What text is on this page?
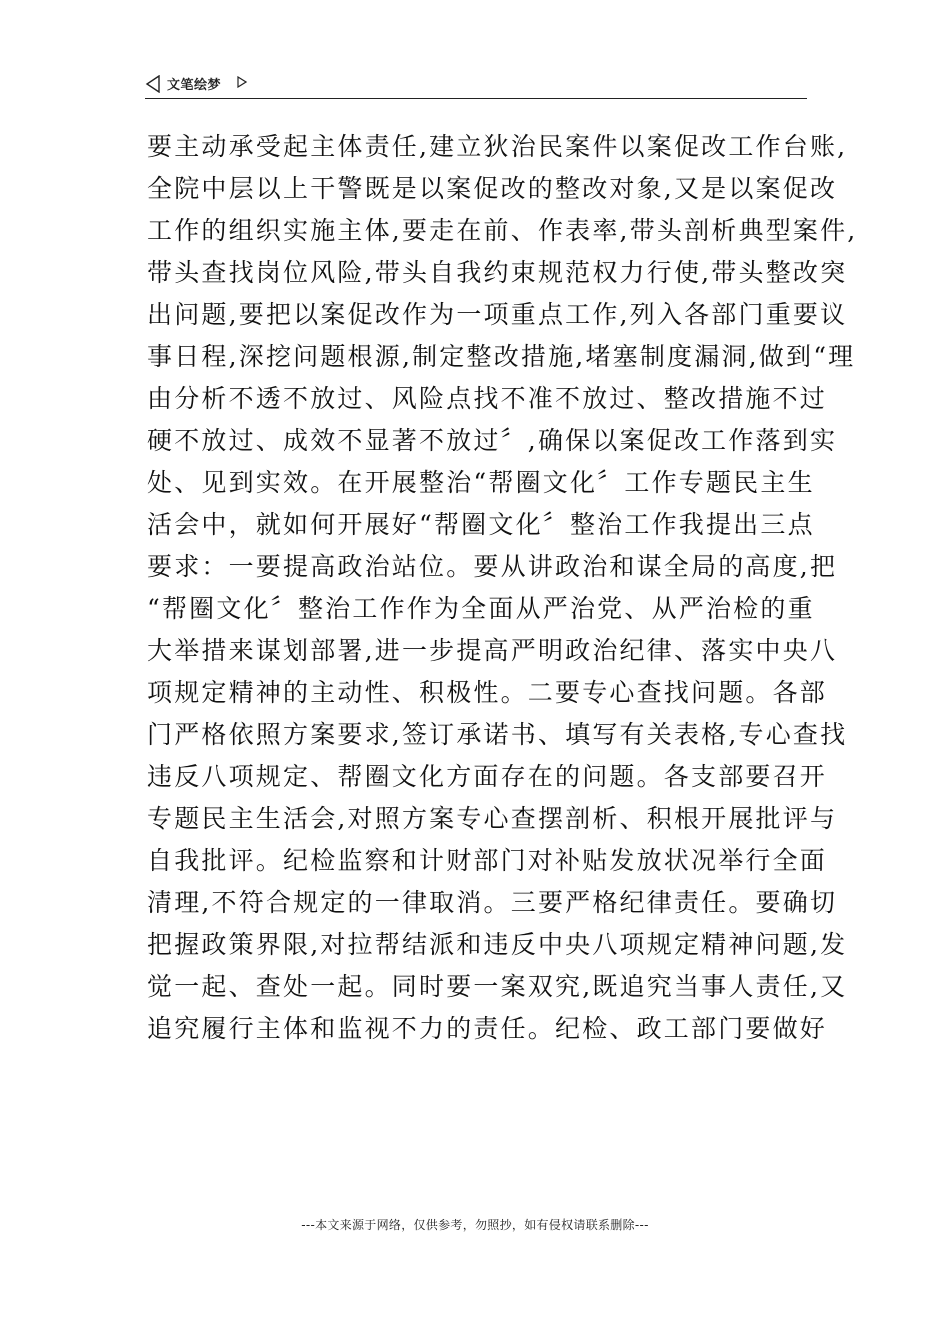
文笔绘梦
要主动承受起主体责任,建立狄治民案件以案促改工作台账,
全院中层以上干警既是以案促改的整改对象,又是以案促改
工作的组织实施主体,要走在前、作表率,带头剖析典型案件,
带头查找岗位风险,带头自我约束规范权力行使,带头整改突
出问题,要把以案促改作为一项重点工作,列入各部门重要议
事日程,深挖问题根源,制定整改措施,堵塞制度漏洞,做到“理
由分析不透不放过、风险点找不准不放过、整改措施不过
硬不放过、成效不显著不放过〞,确保以案促改工作落到实
处、见到实效。在开展整治“帮圈文化〞工作专题民主生
活会中，就如何开展好“帮圈文化〞整治工作我提出三点
要求：一要提高政治站位。要从讲政治和谋全局的高度,把
“帮圈文化〞整治工作作为全面从严治党、从严治检的重
大举措来谋划部署,进一步提高严明政治纪律、落实中央八
项规定精神的主动性、积极性。二要专心查找问题。各部
门严格依照方案要求,签订承诺书、填写有关表格,专心查找
违反八项规定、帮圈文化方面存在的问题。各支部要召开
专题民主生活会,对照方案专心查摆剖析、积根开展批评与
自我批评。纪检监察和计财部门对补贴发放状况举行全面
清理,不符合规定的一律取消。三要严格纪律责任。要确切
把握政策界限,对拉帮结派和违反中央八项规定精神问题,发
觉一起、查处一起。同时要一案双究,既追究当事人责任,又
追究履行主体和监视不力的责任。纪检、政工部门要做好
---本文来源于网络，仅供参考，勿照抄，如有侵权请联系删除---
